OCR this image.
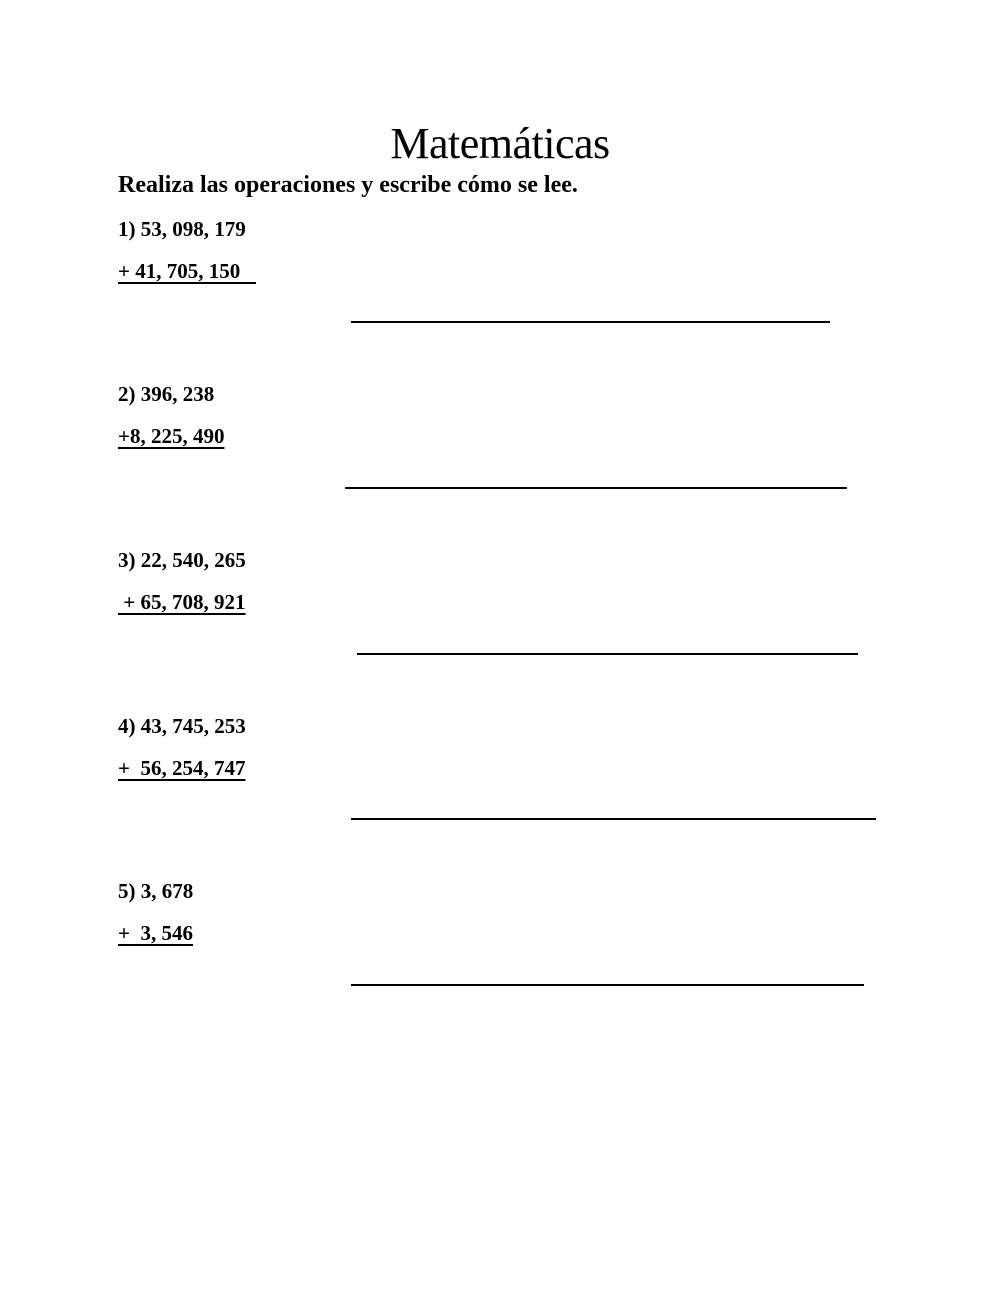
Matemáticas
Realiza las operaciones y escribe cómo se lee.
1) 53, 098, 179
+ 41, 705, 150
2) 396, 238
+8, 225, 490
3) 22, 540, 265
+ 65, 708, 921
4) 43, 745, 253
+  56, 254, 747
5) 3, 678
+  3, 546
